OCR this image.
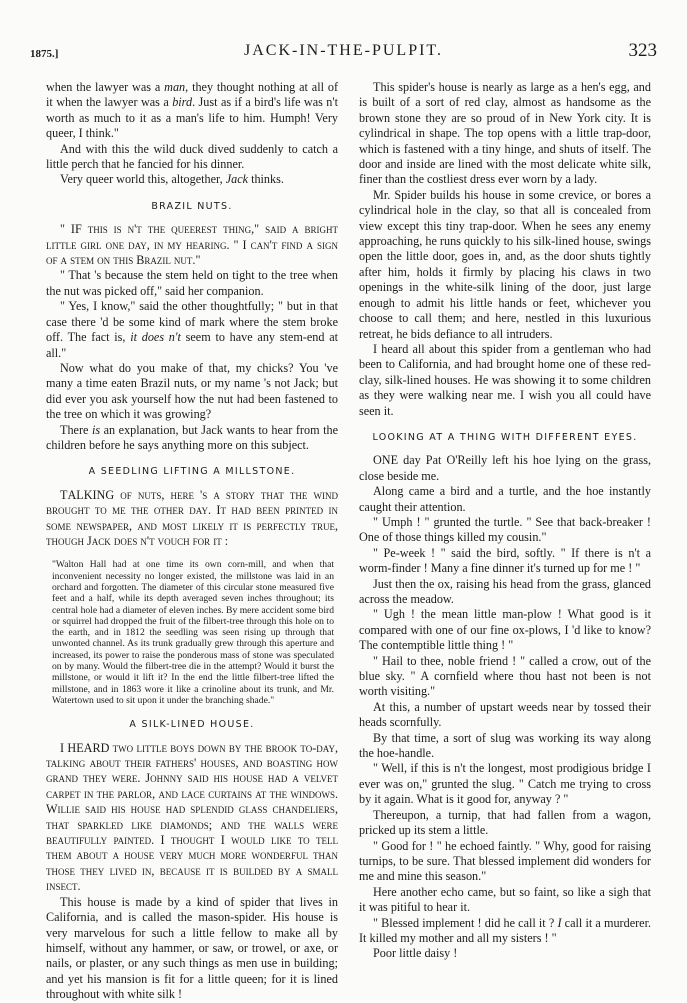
1875.]	JACK-IN-THE-PULPIT.	323

when the lawyer was a man, they thought nothing at all of it when the lawyer was a bird. Just as if a bird's life was n't worth as much to it as a man's life to him. Humph! Very queer, I think."

And with this the wild duck dived suddenly to catch a little perch that he fancied for his dinner.

Very queer world this, altogether, Jack thinks.

BRAZIL NUTS.

" IF this is n't the queerest thing," said a bright little girl one day, in my hearing. " I can't find a sign of a stem on this Brazil nut."

" That 's because the stem held on tight to the tree when the nut was picked off," said her companion.

" Yes, I know," said the other thoughtfully; " but in that case there 'd be some kind of mark where the stem broke off. The fact is, it does n't seem to have any stem-end at all."

Now what do you make of that, my chicks? You 've many a time eaten Brazil nuts, or my name 's not Jack; but did ever you ask yourself how the nut had been fastened to the tree on which it was growing?

There is an explanation, but Jack wants to hear from the children before he says anything more on this subject.

A SEEDLING LIFTING A MILLSTONE.

TALKING of nuts, here 's a story that the wind brought to me the other day. It had been printed in some newspaper, and most likely it is perfectly true, though Jack does n't vouch for it :

"Walton Hall had at one time its own corn-mill, and when that inconvenient necessity no longer existed, the millstone was laid in an orchard and forgotten. The diameter of this circular stone measured five feet and a half, while its depth averaged seven inches throughout; its central hole had a diameter of eleven inches. By mere accident some bird or squirrel had dropped the fruit of the filbert-tree through this hole on to the earth, and in 1812 the seedling was seen rising up through that unwonted channel. As its trunk gradually grew through this aperture and increased, its power to raise the ponderous mass of stone was speculated on by many. Would the filbert-tree die in the attempt? Would it burst the millstone, or would it lift it? In the end the little filbert-tree lifted the millstone, and in 1863 wore it like a crinoline about its trunk, and Mr. Watertown used to sit upon it under the branching shade."
A SILK-LINED HOUSE.

I HEARD two little boys down by the brook to-day, talking about their fathers' houses, and boasting how grand they were. Johnny said his house had a velvet carpet in the parlor, and lace curtains at the windows. Willie said his house had splendid glass chandeliers, that sparkled like diamonds; and the walls were beautifully painted. I thought I would like to tell them about a house very much more wonderful than those they lived in, because it is builded by a small insect.

This house is made by a kind of spider that lives in California, and is called the mason-spider. His house is very marvelous for such a little fellow to make all by himself, without any hammer, or saw, or trowel, or axe, or nails, or plaster, or any such things as men use in building; and yet his mansion is fit for a little queen; for it is lined throughout with white silk !

This spider's house is nearly as large as a hen's egg, and is built of a sort of red clay, almost as handsome as the brown stone they are so proud of in New York city. It is cylindrical in shape. The top opens with a little trap-door, which is fastened with a tiny hinge, and shuts of itself. The door and inside are lined with the most delicate white silk, finer than the costliest dress ever worn by a lady.

Mr. Spider builds his house in some crevice, or bores a cylindrical hole in the clay, so that all is concealed from view except this tiny trap-door. When he sees any enemy approaching, he runs quickly to his silk-lined house, swings open the little door, goes in, and, as the door shuts tightly after him, holds it firmly by placing his claws in two openings in the white-silk lining of the door, just large enough to admit his little hands or feet, whichever you choose to call them; and here, nestled in this luxurious retreat, he bids defiance to all intruders.

I heard all about this spider from a gentleman who had been to California, and had brought home one of these red-clay, silk-lined houses. He was showing it to some children as they were walking near me. I wish you all could have seen it.

LOOKING AT A THING WITH DIFFERENT EYES.

ONE day Pat O'Reilly left his hoe lying on the grass, close beside me.

Along came a bird and a turtle, and the hoe instantly caught their attention.

" Umph ! " grunted the turtle. " See that back-breaker ! One of those things killed my cousin."

" Pe-week ! " said the bird, softly. " If there is n't a worm-finder ! Many a fine dinner it's turned up for me ! "

Just then the ox, raising his head from the grass, glanced across the meadow.

" Ugh ! the mean little man-plow ! What good is it compared with one of our fine ox-plows, I 'd like to know? The contemptible little thing ! "

" Hail to thee, noble friend ! " called a crow, out of the blue sky. " A cornfield where thou hast not been is not worth visiting."

At this, a number of upstart weeds near by tossed their heads scornfully.

By that time, a sort of slug was working its way along the hoe-handle.

" Well, if this is n't the longest, most prodigious bridge I ever was on," grunted the slug. " Catch me trying to cross by it again. What is it good for, anyway ? "

Thereupon, a turnip, that had fallen from a wagon, pricked up its stem a little.

" Good for ! " he echoed faintly. " Why, good for raising turnips, to be sure. That blessed implement did wonders for me and mine this season."

Here another echo came, but so faint, so like a sigh that it was pitiful to hear it.

" Blessed implement ! did he call it ? I call it a murderer. It killed my mother and all my sisters ! "

Poor little daisy !
